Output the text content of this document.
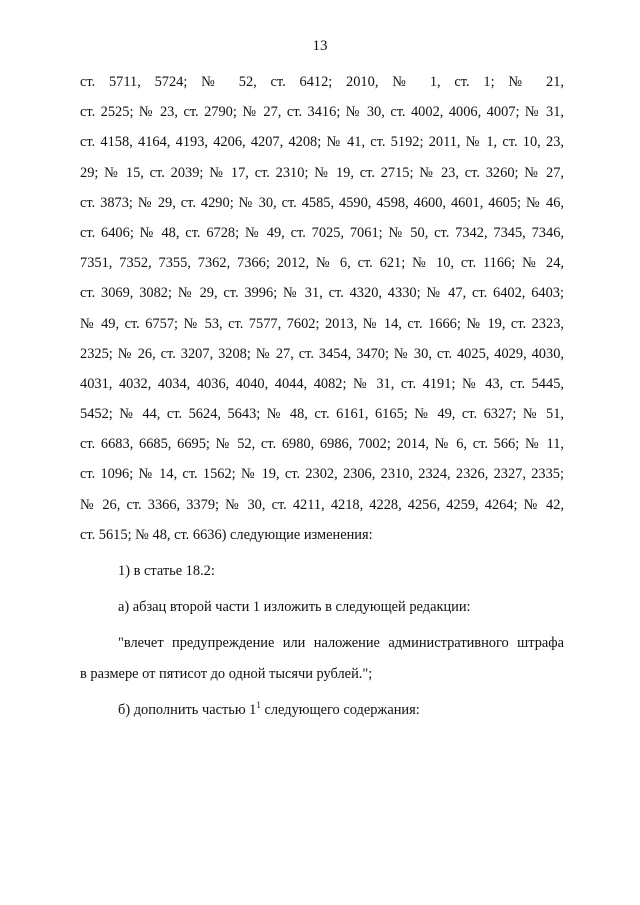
13
ст. 5711, 5724; № 52, ст. 6412; 2010, № 1, ст. 1; № 21,
ст. 2525; № 23, ст. 2790; № 27, ст. 3416; № 30, ст. 4002, 4006, 4007; № 31,
ст. 4158, 4164, 4193, 4206, 4207, 4208; № 41, ст. 5192; 2011, № 1, ст. 10, 23,
29; № 15, ст. 2039; № 17, ст. 2310; № 19, ст. 2715; № 23, ст. 3260; № 27,
ст. 3873; № 29, ст. 4290; № 30, ст. 4585, 4590, 4598, 4600, 4601, 4605; № 46,
ст. 6406; № 48, ст. 6728; № 49, ст. 7025, 7061; № 50, ст. 7342, 7345, 7346,
7351, 7352, 7355, 7362, 7366; 2012, № 6, ст. 621; № 10, ст. 1166; № 24,
ст. 3069, 3082; № 29, ст. 3996; № 31, ст. 4320, 4330; № 47, ст. 6402, 6403;
№ 49, ст. 6757; № 53, ст. 7577, 7602; 2013, № 14, ст. 1666; № 19, ст. 2323,
2325; № 26, ст. 3207, 3208; № 27, ст. 3454, 3470; № 30, ст. 4025, 4029, 4030,
4031, 4032, 4034, 4036, 4040, 4044, 4082; № 31, ст. 4191; № 43, ст. 5445,
5452; № 44, ст. 5624, 5643; № 48, ст. 6161, 6165; № 49, ст. 6327; № 51,
ст. 6683, 6685, 6695; № 52, ст. 6980, 6986, 7002; 2014, № 6, ст. 566; № 11,
ст. 1096; № 14, ст. 1562; № 19, ст. 2302, 2306, 2310, 2324, 2326, 2327, 2335;
№ 26, ст. 3366, 3379; № 30, ст. 4211, 4218, 4228, 4256, 4259, 4264; № 42,
ст. 5615; № 48, ст. 6636) следующие изменения:
1) в статье 18.2:
а) абзац второй части 1 изложить в следующей редакции:
"влечет предупреждение или наложение административного штрафа
в размере от пятисот до одной тысячи рублей.";
б) дополнить частью $1^1$ следующего содержания:
